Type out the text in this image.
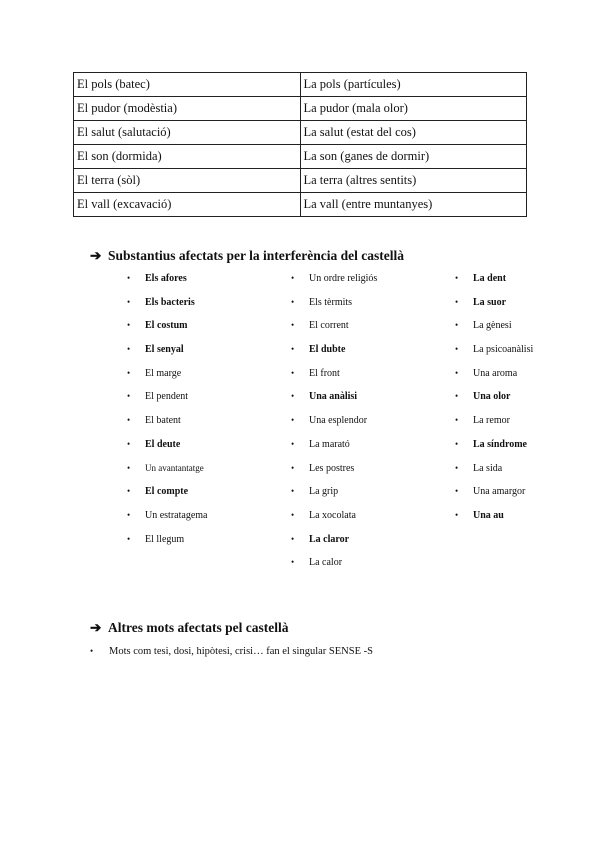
El pols (batec)	La pols (partícules)
El pudor (modèstia)	La pudor (mala olor)
El salut (salutació)	La salut (estat del cos)
El son (dormida)	La son (ganes de dormir)
El terra (sòl)	La terra (altres sentits)
El vall (excavació)	La vall (entre muntanyes)
➔ Substantius afectats per la interferència del castellà
• Els afores
• Els bacteris
• El costum
• El senyal
• El marge
• El pendent
• El batent
• El deute
• Un avantantatge
• El compte
• Un estratagema
• El llegum
• Un ordre religiós
• Els tèrmits
• El corrent
• El dubte
• El front
• Una anàlisi
• Una esplendor
• La marató
• Les postres
• La grip
• La xocolata
• La claror
• La calor
• La dent
• La suor
• La gènesi
• La psicoanàlisi
• Una aroma
• Una olor
• La remor
• La síndrome
• La sida
• Una amargor
• Una au
➔ Altres mots afectats pel castellà
• Mots com tesi, dosi, hipòtesi, crisi… fan el singular SENSE -S
